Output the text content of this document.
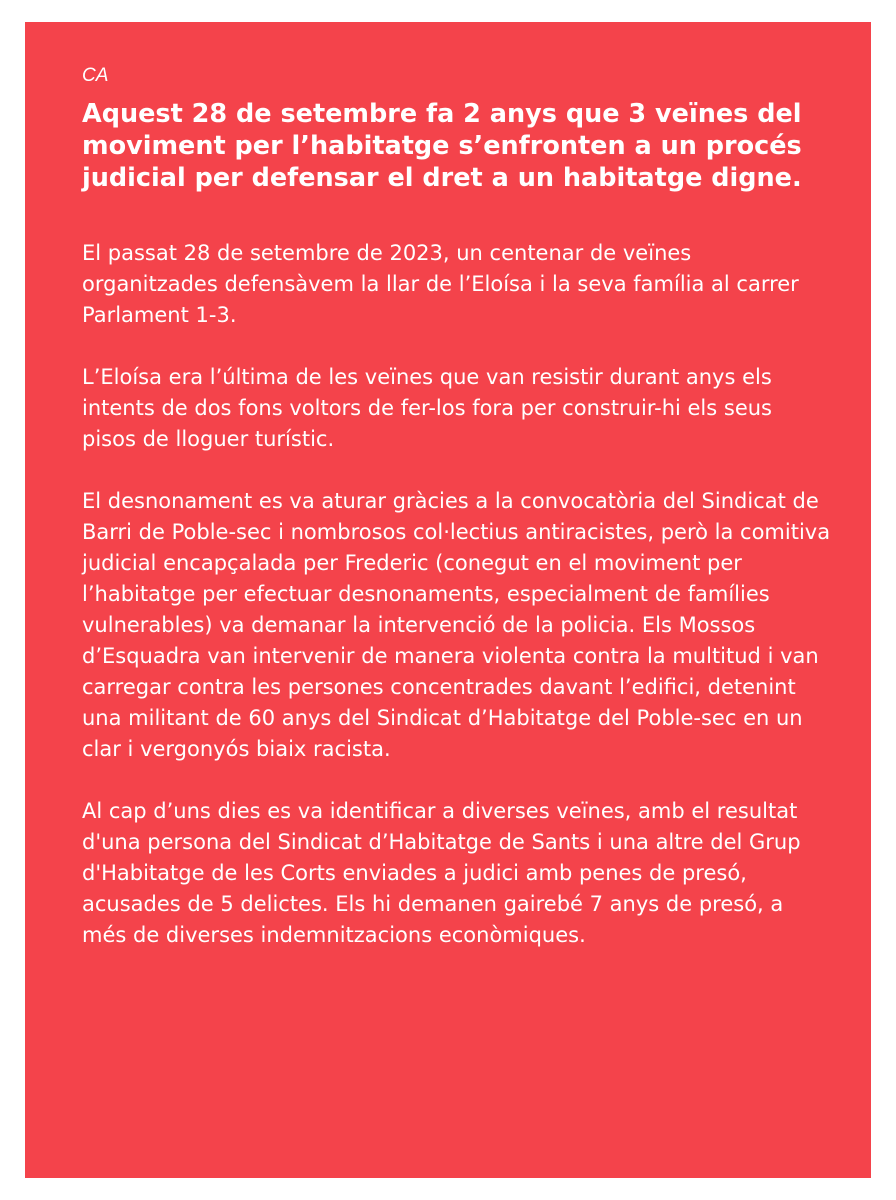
CA
Aquest 28 de setembre fa 2 anys que 3 veïnes del moviment per l’habitatge s’enfronten a un procés judicial per defensar el dret a un habitatge digne.

El passat 28 de setembre de 2023, un centenar de veïnes organitzades defensàvem la llar de l’Eloísa i la seva família al carrer Parlament 1-3.

L’Eloísa era l’última de les veïnes que van resistir durant anys els intents de dos fons voltors de fer-los fora per construir-hi els seus pisos de lloguer turístic.

El desnonament es va aturar gràcies a la convocatòria del Sindicat de Barri de Poble-sec i nombrosos col·lectius antiracistes, però la comitiva judicial encapçalada per Frederic (conegut en el moviment per l’habitatge per efectuar desnonaments, especialment de famílies vulnerables) va demanar la intervenció de la policia. Els Mossos d’Esquadra van intervenir de manera violenta contra la multitud i van carregar contra les persones concentrades davant l’edifici, detenint una militant de 60 anys del Sindicat d’Habitatge del Poble-sec en un clar i vergonyós biaix racista.

Al cap d’uns dies es va identificar a diverses veïnes, amb el resultat d'una persona del Sindicat d’Habitatge de Sants i una altre del Grup d'Habitatge de les Corts enviades a judici amb penes de presó, acusades de 5 delictes. Els hi demanen gairebé 7 anys de presó, a més de diverses indemnitzacions econòmiques.
